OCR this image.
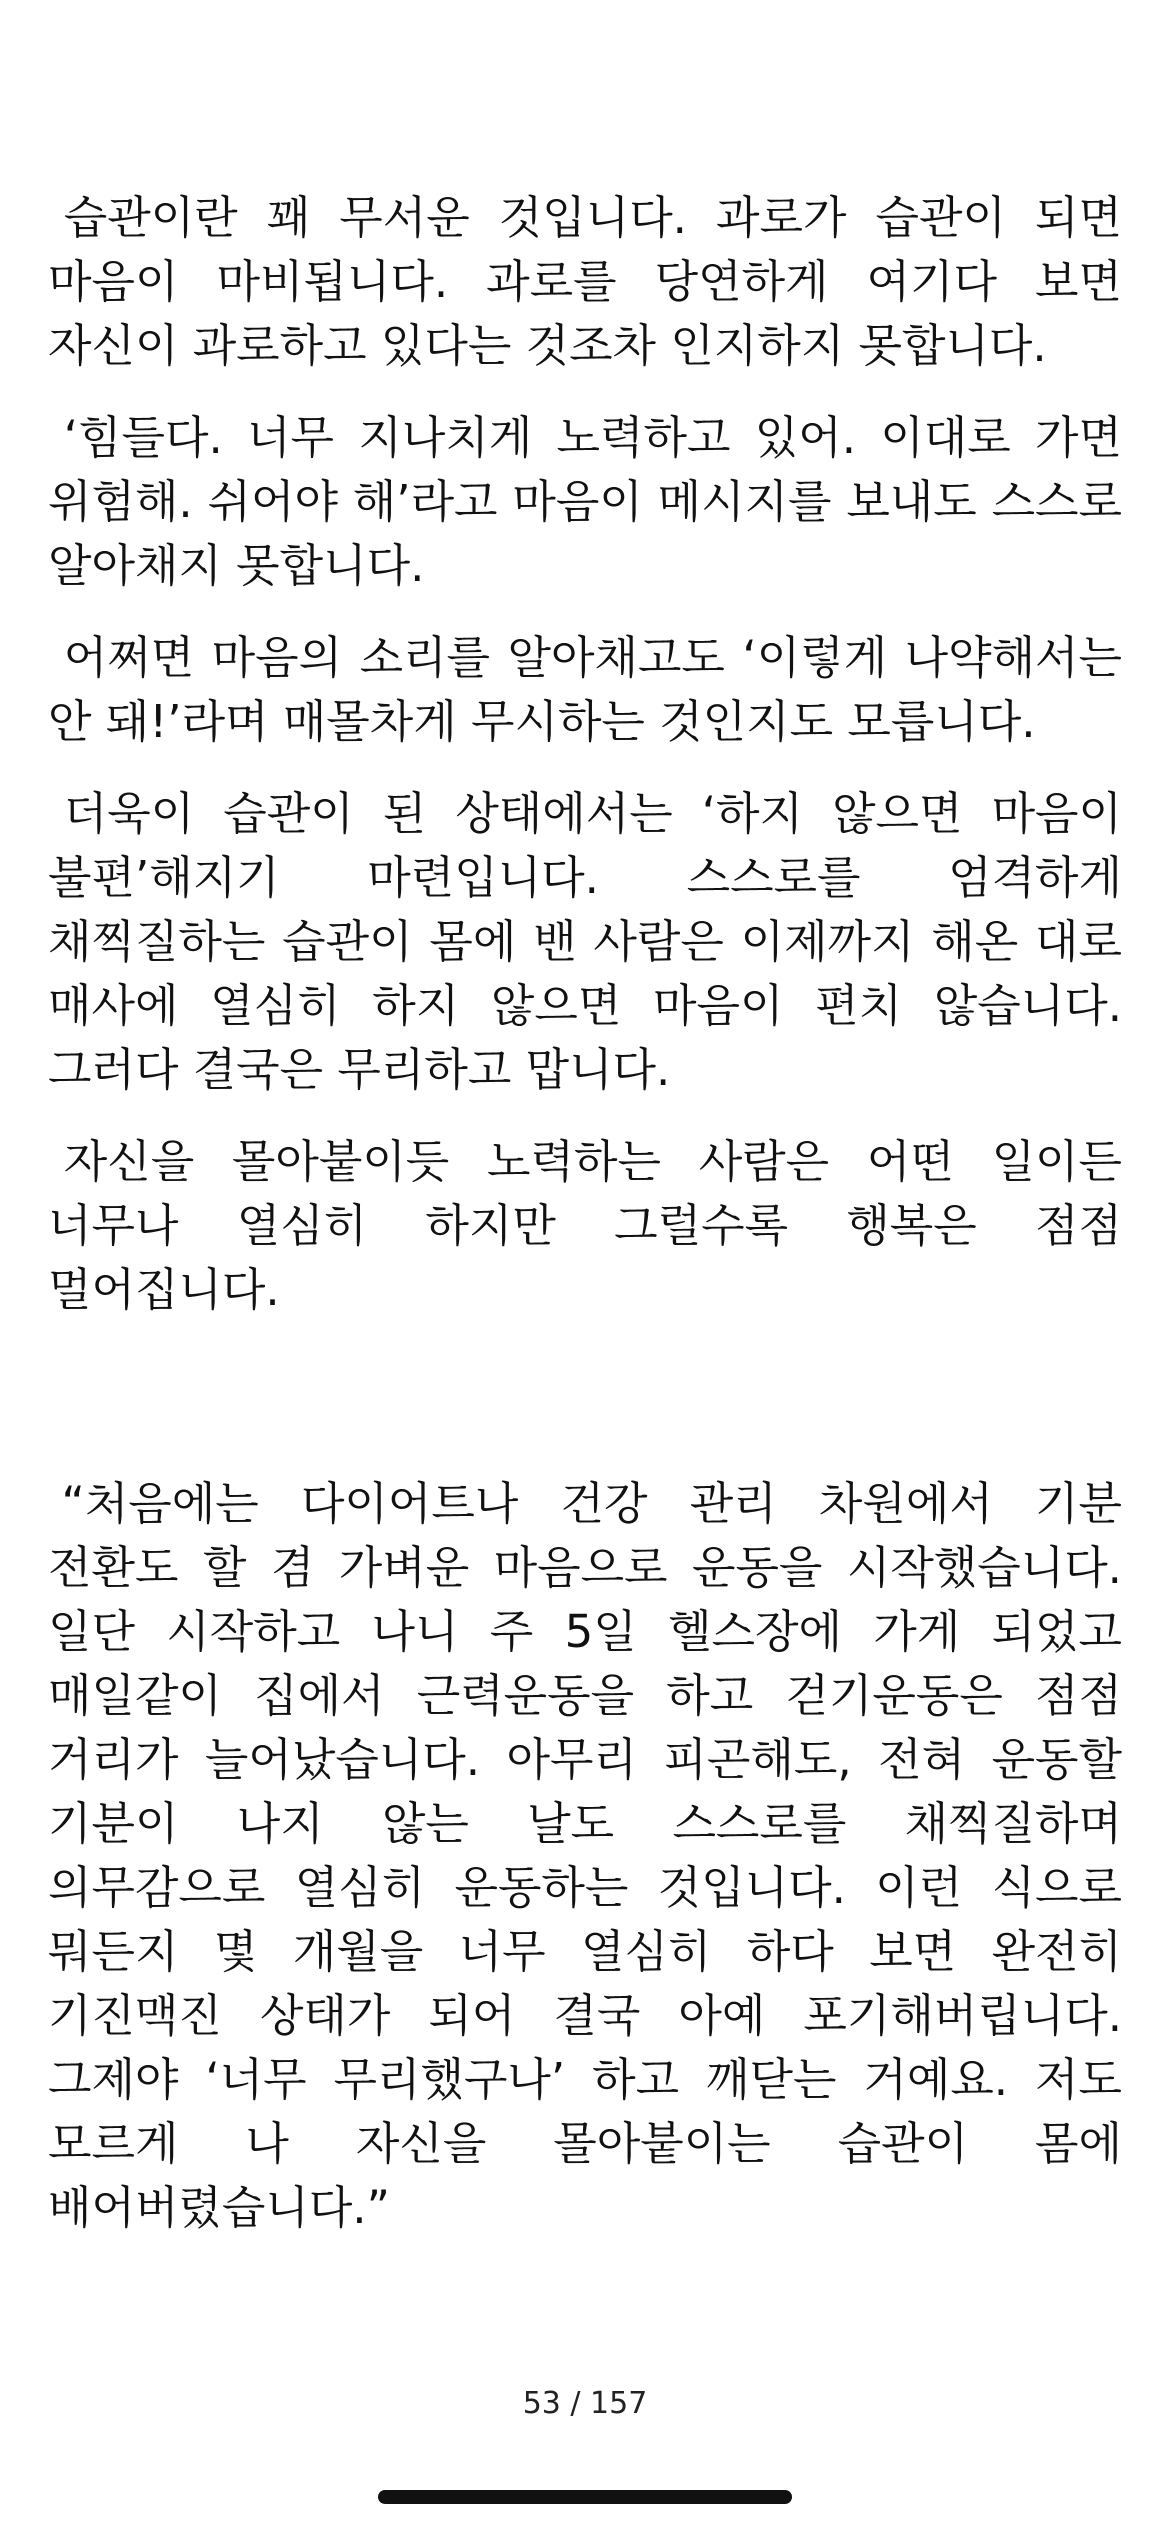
습관이란 꽤 무서운 것입니다. 과로가 습관이 되면 마음이 마비됩니다. 과로를 당연하게 여기다 보면 자신이 과로하고 있다는 것조차 인지하지 못합니다.

‘힘들다. 너무 지나치게 노력하고 있어. 이대로 가면 위험해. 쉬어야 해’라고 마음이 메시지를 보내도 스스로 알아채지 못합니다.

어쩌면 마음의 소리를 알아채고도 ‘이렇게 나약해서는 안 돼!’라며 매몰차게 무시하는 것인지도 모릅니다.

더욱이 습관이 된 상태에서는 ‘하지 않으면 마음이 불편’해지기 마련입니다. 스스로를 엄격하게 채찍질하는 습관이 몸에 밴 사람은 이제까지 해온 대로 매사에 열심히 하지 않으면 마음이 편치 않습니다. 그러다 결국은 무리하고 맙니다.

자신을 몰아붙이듯 노력하는 사람은 어떤 일이든 너무나 열심히 하지만 그럴수록 행복은 점점 멀어집니다.

“처음에는 다이어트나 건강 관리 차원에서 기분 전환도 할 겸 가벼운 마음으로 운동을 시작했습니다. 일단 시작하고 나니 주 5일 헬스장에 가게 되었고 매일같이 집에서 근력운동을 하고 걷기운동은 점점 거리가 늘어났습니다. 아무리 피곤해도, 전혀 운동할 기분이 나지 않는 날도 스스로를 채찍질하며 의무감으로 열심히 운동하는 것입니다. 이런 식으로 뭐든지 몇 개월을 너무 열심히 하다 보면 완전히 기진맥진 상태가 되어 결국 아예 포기해버립니다. 그제야 ‘너무 무리했구나’ 하고 깨닫는 거예요. 저도 모르게 나 자신을 몰아붙이는 습관이 몸에 배어버렸습니다.”

53 / 157
